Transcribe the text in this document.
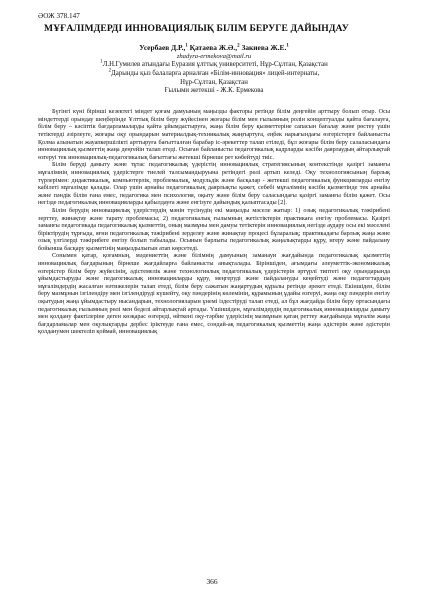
ӘОЖ 378.147
МҰҒАЛІМДЕРДІ ИННОВАЦИЯЛЫҚ БІЛІМ БЕРУГЕ ДАЙЫНДАУ
Усербаев Д.Р.,$^1$ Қатаева Ж.Ә.,$^2$ Закиева Ж.Е.$^1$
zhadyra-ermekova@mail.ru
$^1$Л.Н.Гумилев атындағы Еуразия ұлттық университеті, Нұр-Сұлтан, Қазақстан
$^2$Дарынды қыз балаларға арналған «Білім-инновация» лицей-интернаты,
Нұр-Сұлтан, Қазақстан
Ғылыми жетекші - Ж.К. Ермекова

Бүгінгі күні бірінші кезектегі міндет қоғам дамуының маңызды факторы ретінде білім деңгейін арттыру болып отыр. Осы міндеттерді орындау шеңберінде Ұлттық білім беру жүйесінен жоғары білім мен ғылымның ролін концептуалды қайта бағалауға, білім беру – кәсіптік бағдарламаларды қайта ұйымдастыруға, жаңа білім беру қызметтеріне сапасын бағалау және рөстеу үшін тетіктерді әзірлеуге, жоғары оқу орындарын материалдық-техникалық жаңғыртуға, еңбек нарығындағы өзгерістерге байланысты Қолма алынатын жауапкершілікті арттыруға бағытталған барабар іс-әрекеттер талап етіледі, бұл жоғары білім беру салаласындағы инновациялық қызметтің жаңа деңгейін талап етеді. Осыған байланысты педагогикалық кадрларды кәсіби даярлаудың айтарлықтай өзгеруі тек инновациялық-педагогикалық бағыттағы жетекші бірнеше рет көбейтуді тиіс.

Білім беруді дамыту және тұтас педагогикалық үдерістің инновациялық стратегиясының контекстінде қазіргі заманғы мұғалімнің инновациялық үдерістерге тиелей талсымандыруына ретіндегі рөлі артып келеді. Оқу технологиясының барлық түрлерімен: дидактикалық, компьютерлік, проблемалық, модульдік және басқалар - жетекші педагогикалық функцияларды енгізу кабілеті мұғалімде қалады. Олар үшін арнайы педагогикалық даярлықты қажет, себебі мұғалімнің кәсіби қызметінде тек арнайы және пәндік білім ғана емес, педагогика мен психология, оқыту және білім беру саласындағы қазіргі заманғы білім қажет. Осы негізде педагогикалық инновацияларды қабылдауға және енгізуге дайындық қалыптасады [2].

Білім берудің инновациялық үдерістердің мәнін түсінудің екі маңызды мәселе жатыр: 1) озық педагогикалық тәжірибені зерттеу, жинақтау және тарату проблемасы; 2) педагогикалық ғылымның жетістіктерін практикаға енгізу проблемасы. Қазіргі заманғы педагогикада педагогикалық қызметтің, оның мазмұны мен дамуы тетіктерін инновациялық негізде аудару осы екі мәселені біріктірудің тұрғыда, яғни педагогикалық тәжірибені зерделеу және жинақтау процесі бұларалық; практикадағы барлық жаңа және озық үлгілерді тәжірибеге енгізу болып табылады. Осынын барлығы педагогикалық жаңалықтарды құру, игеру және пайдалану бойынша басқару қызметінің маңыздылығын атап көрсетеді.

Сонымен қатар, қоғамның, мәдениеттің және білімнің дамуының заманауи жағдайында педагогикалық қызметтің инновациялық бағдарының бірнеше жағдайларға байланысты анықталады. Біріншіден, ағымдағы әлеуметтік-экономикалық өзгерістер білім беру жүйесінің, әдістемелік және технологиялық педагогикалық үдерістерін әртүрлі типтегі оқу орындарында ұйымдастыруды және педагогикалық инновацияларды құру, меңгеруді және пайдалануды кеңейтуді және педагогтардың мұғалімдердің жасалған нәтижелерін талап етеді, білім беру сажатын жаңартудың құралы ретінде әрекет етеді. Екіншіден, білім беру мазмұнын ізгілендіру мен ізгілендіруді күшейту, оқу пәндерінің көлемінің, құрамының ұдайы өзгеруі, жаңа оқу пәндерін енгізу оқытудың жаңа ұйымдастыру нысандарын, технологияларын ұнемі іздестіруді талап етеді, ал бұл жағдайда білім беру ортасындағы педагогикалық ғылымның рөлі мен беделі айтарлықтай артады. Үшіншіден, мұғалімдердің педагогикалық инновацияларды дамыту мен қолдану фактілеріне деген көзқарас өзгереді, өйткені оқу-тәрбие үдерісінің мазмұнын қатаң реттеу жағдайында мұғалім жаңа бағдарламалар мен оқулықтарды дербес іріктеуде ғана емес, сондай-ақ педагогикалық қызметтің жаңа әдістерін және әдістерін қолданумен шектеліп қоймай, инновациялық

366
